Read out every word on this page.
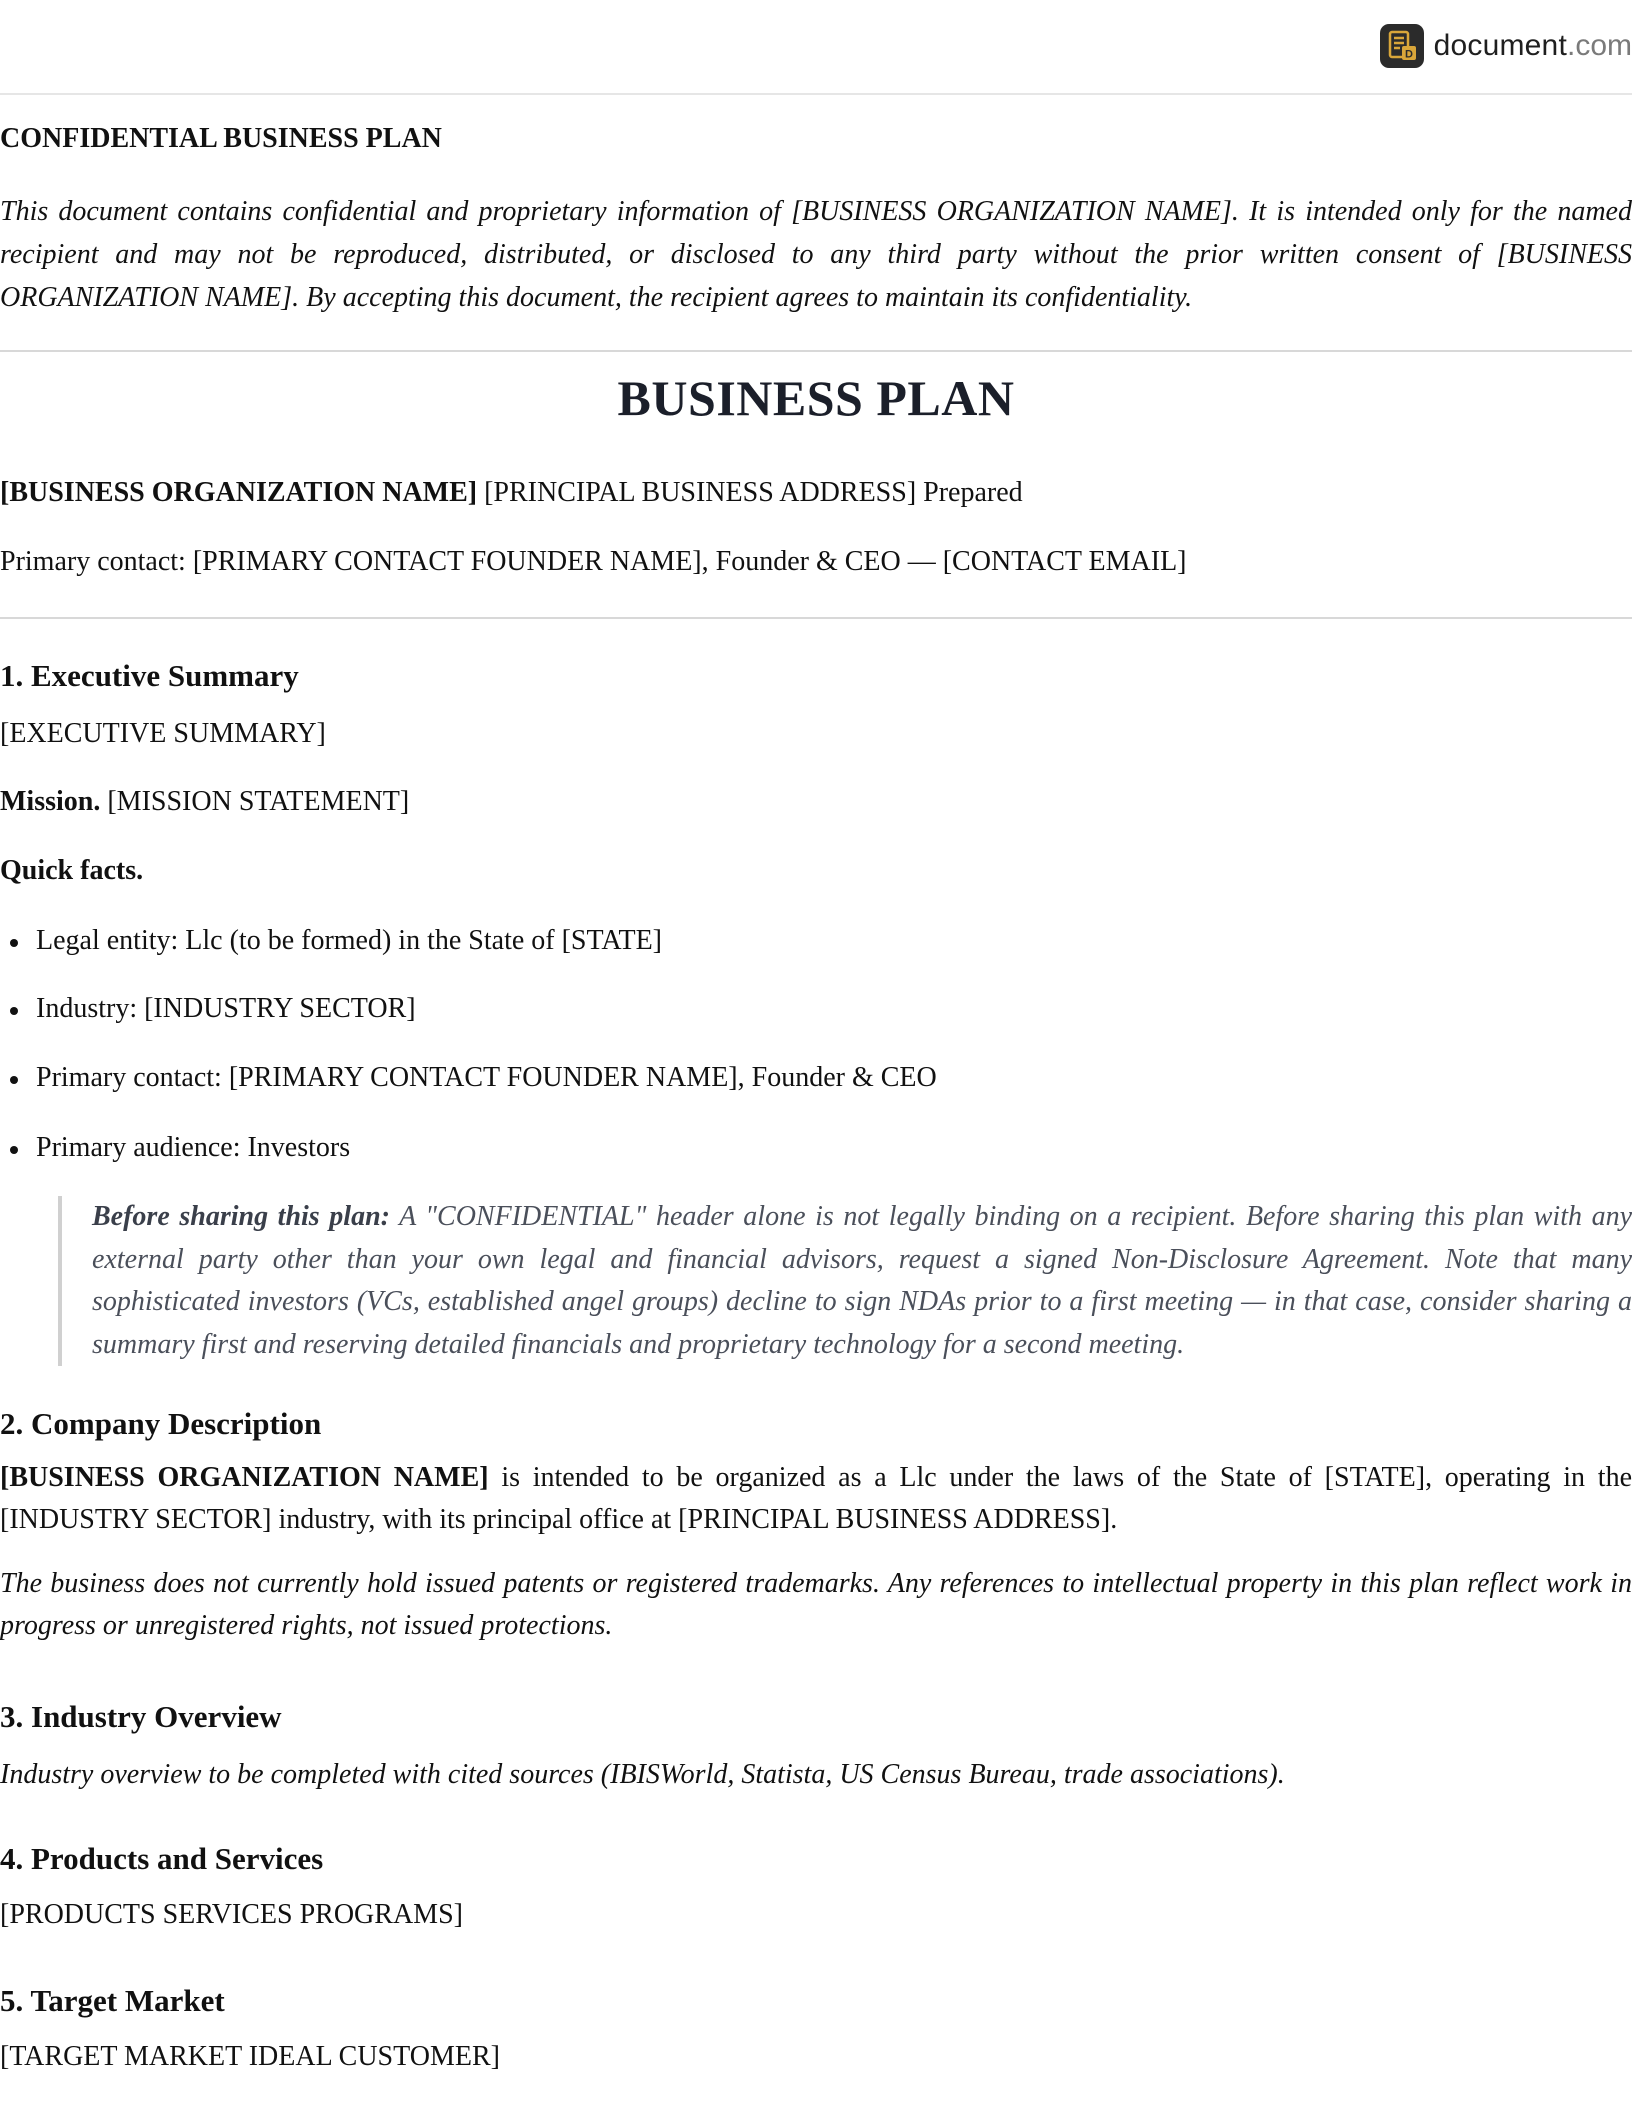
D document .com
CONFIDENTIAL BUSINESS PLAN

This document contains confidential and proprietary information of [BUSINESS ORGANIZATION NAME]. It is intended only for the named recipient and may not be reproduced, distributed, or disclosed to any third party without the prior written consent of [BUSINESS ORGANIZATION NAME]. By accepting this document, the recipient agrees to maintain its confidentiality.

BUSINESS PLAN

[BUSINESS ORGANIZATION NAME] [PRINCIPAL BUSINESS ADDRESS] Prepared

Primary contact: [PRIMARY CONTACT FOUNDER NAME], Founder & CEO — [CONTACT EMAIL]

1. Executive Summary

[EXECUTIVE SUMMARY]

Mission. [MISSION STATEMENT]

Quick facts.

Legal entity: Llc (to be formed) in the State of [STATE]

Industry: [INDUSTRY SECTOR]

Primary contact: [PRIMARY CONTACT FOUNDER NAME], Founder & CEO

Primary audience: Investors

Before sharing this plan: A "CONFIDENTIAL" header alone is not legally binding on a recipient. Before sharing this plan with any external party other than your own legal and financial advisors, request a signed Non-Disclosure Agreement. Note that many sophisticated investors (VCs, established angel groups) decline to sign NDAs prior to a first meeting — in that case, consider sharing a summary first and reserving detailed financials and proprietary technology for a second meeting.

2. Company Description

[BUSINESS ORGANIZATION NAME] is intended to be organized as a Llc under the laws of the State of [STATE], operating in the [INDUSTRY SECTOR] industry, with its principal office at [PRINCIPAL BUSINESS ADDRESS].

The business does not currently hold issued patents or registered trademarks. Any references to intellectual property in this plan reflect work in progress or unregistered rights, not issued protections.

3. Industry Overview

Industry overview to be completed with cited sources (IBISWorld, Statista, US Census Bureau, trade associations).

4. Products and Services

[PRODUCTS SERVICES PROGRAMS]

5. Target Market

[TARGET MARKET IDEAL CUSTOMER]
